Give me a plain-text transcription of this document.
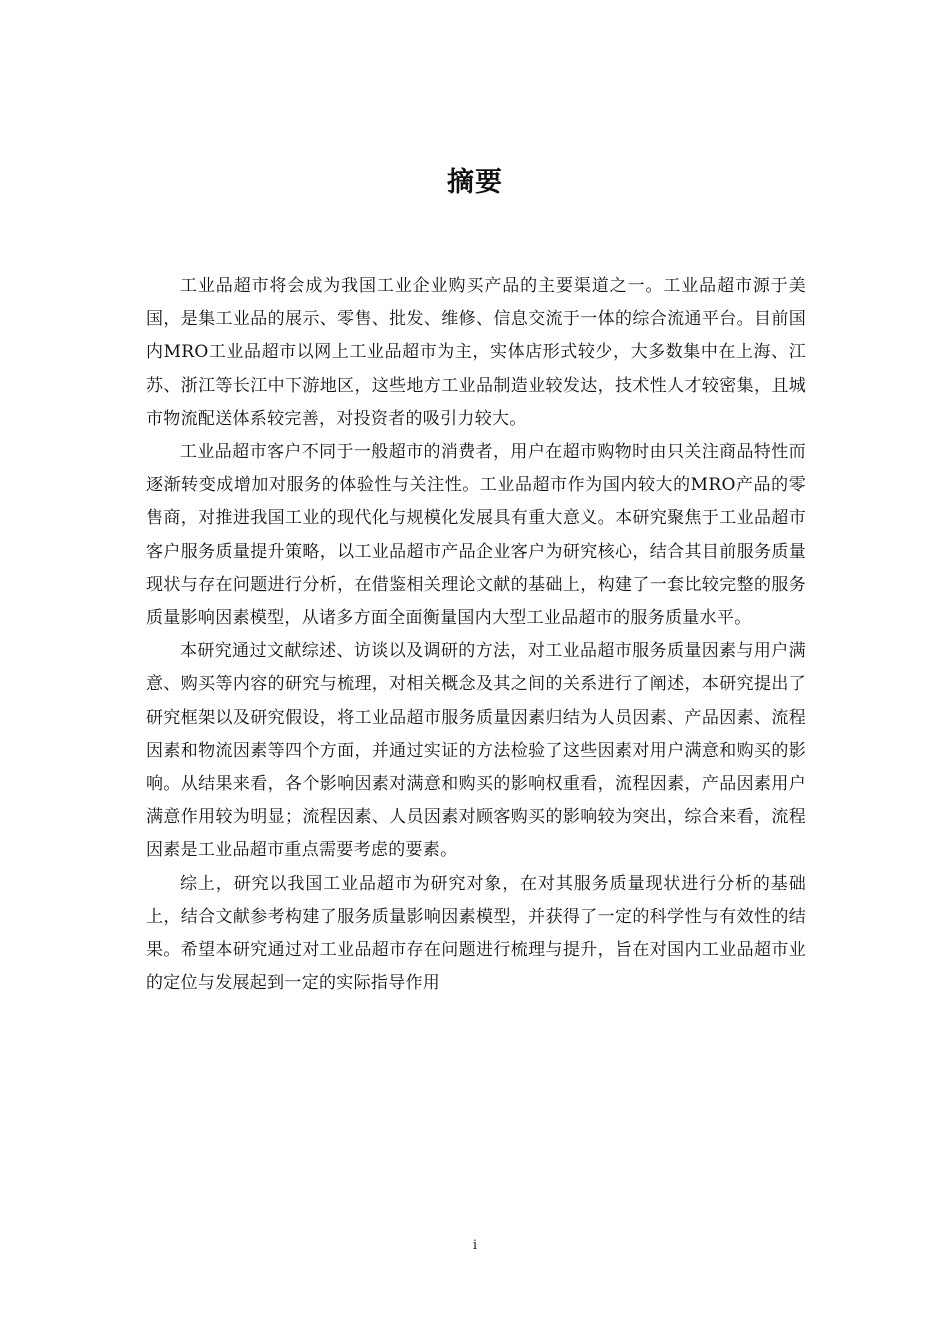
摘要

工业品超市将会成为我国工业企业购买产品的主要渠道之一。工业品超市源于美国，是集工业品的展示、零售、批发、维修、信息交流于一体的综合流通平台。目前国内MRO工业品超市以网上工业品超市为主，实体店形式较少，大多数集中在上海、江苏、浙江等长江中下游地区，这些地方工业品制造业较发达，技术性人才较密集，且城市物流配送体系较完善，对投资者的吸引力较大。

工业品超市客户不同于一般超市的消费者，用户在超市购物时由只关注商品特性而逐渐转变成增加对服务的体验性与关注性。工业品超市作为国内较大的MRO产品的零售商，对推进我国工业的现代化与规模化发展具有重大意义。本研究聚焦于工业品超市客户服务质量提升策略，以工业品超市产品企业客户为研究核心，结合其目前服务质量现状与存在问题进行分析，在借鉴相关理论文献的基础上，构建了一套比较完整的服务质量影响因素模型，从诸多方面全面衡量国内大型工业品超市的服务质量水平。

本研究通过文献综述、访谈以及调研的方法，对工业品超市服务质量因素与用户满意、购买等内容的研究与梳理，对相关概念及其之间的关系进行了阐述，本研究提出了研究框架以及研究假设，将工业品超市服务质量因素归结为人员因素、产品因素、流程因素和物流因素等四个方面，并通过实证的方法检验了这些因素对用户满意和购买的影响。从结果来看，各个影响因素对满意和购买的影响权重看，流程因素，产品因素用户满意作用较为明显；流程因素、人员因素对顾客购买的影响较为突出，综合来看，流程因素是工业品超市重点需要考虑的要素。

综上，研究以我国工业品超市为研究对象，在对其服务质量现状进行分析的基础上，结合文献参考构建了服务质量影响因素模型，并获得了一定的科学性与有效性的结果。希望本研究通过对工业品超市存在问题进行梳理与提升，旨在对国内工业品超市业的定位与发展起到一定的实际指导作用

i
